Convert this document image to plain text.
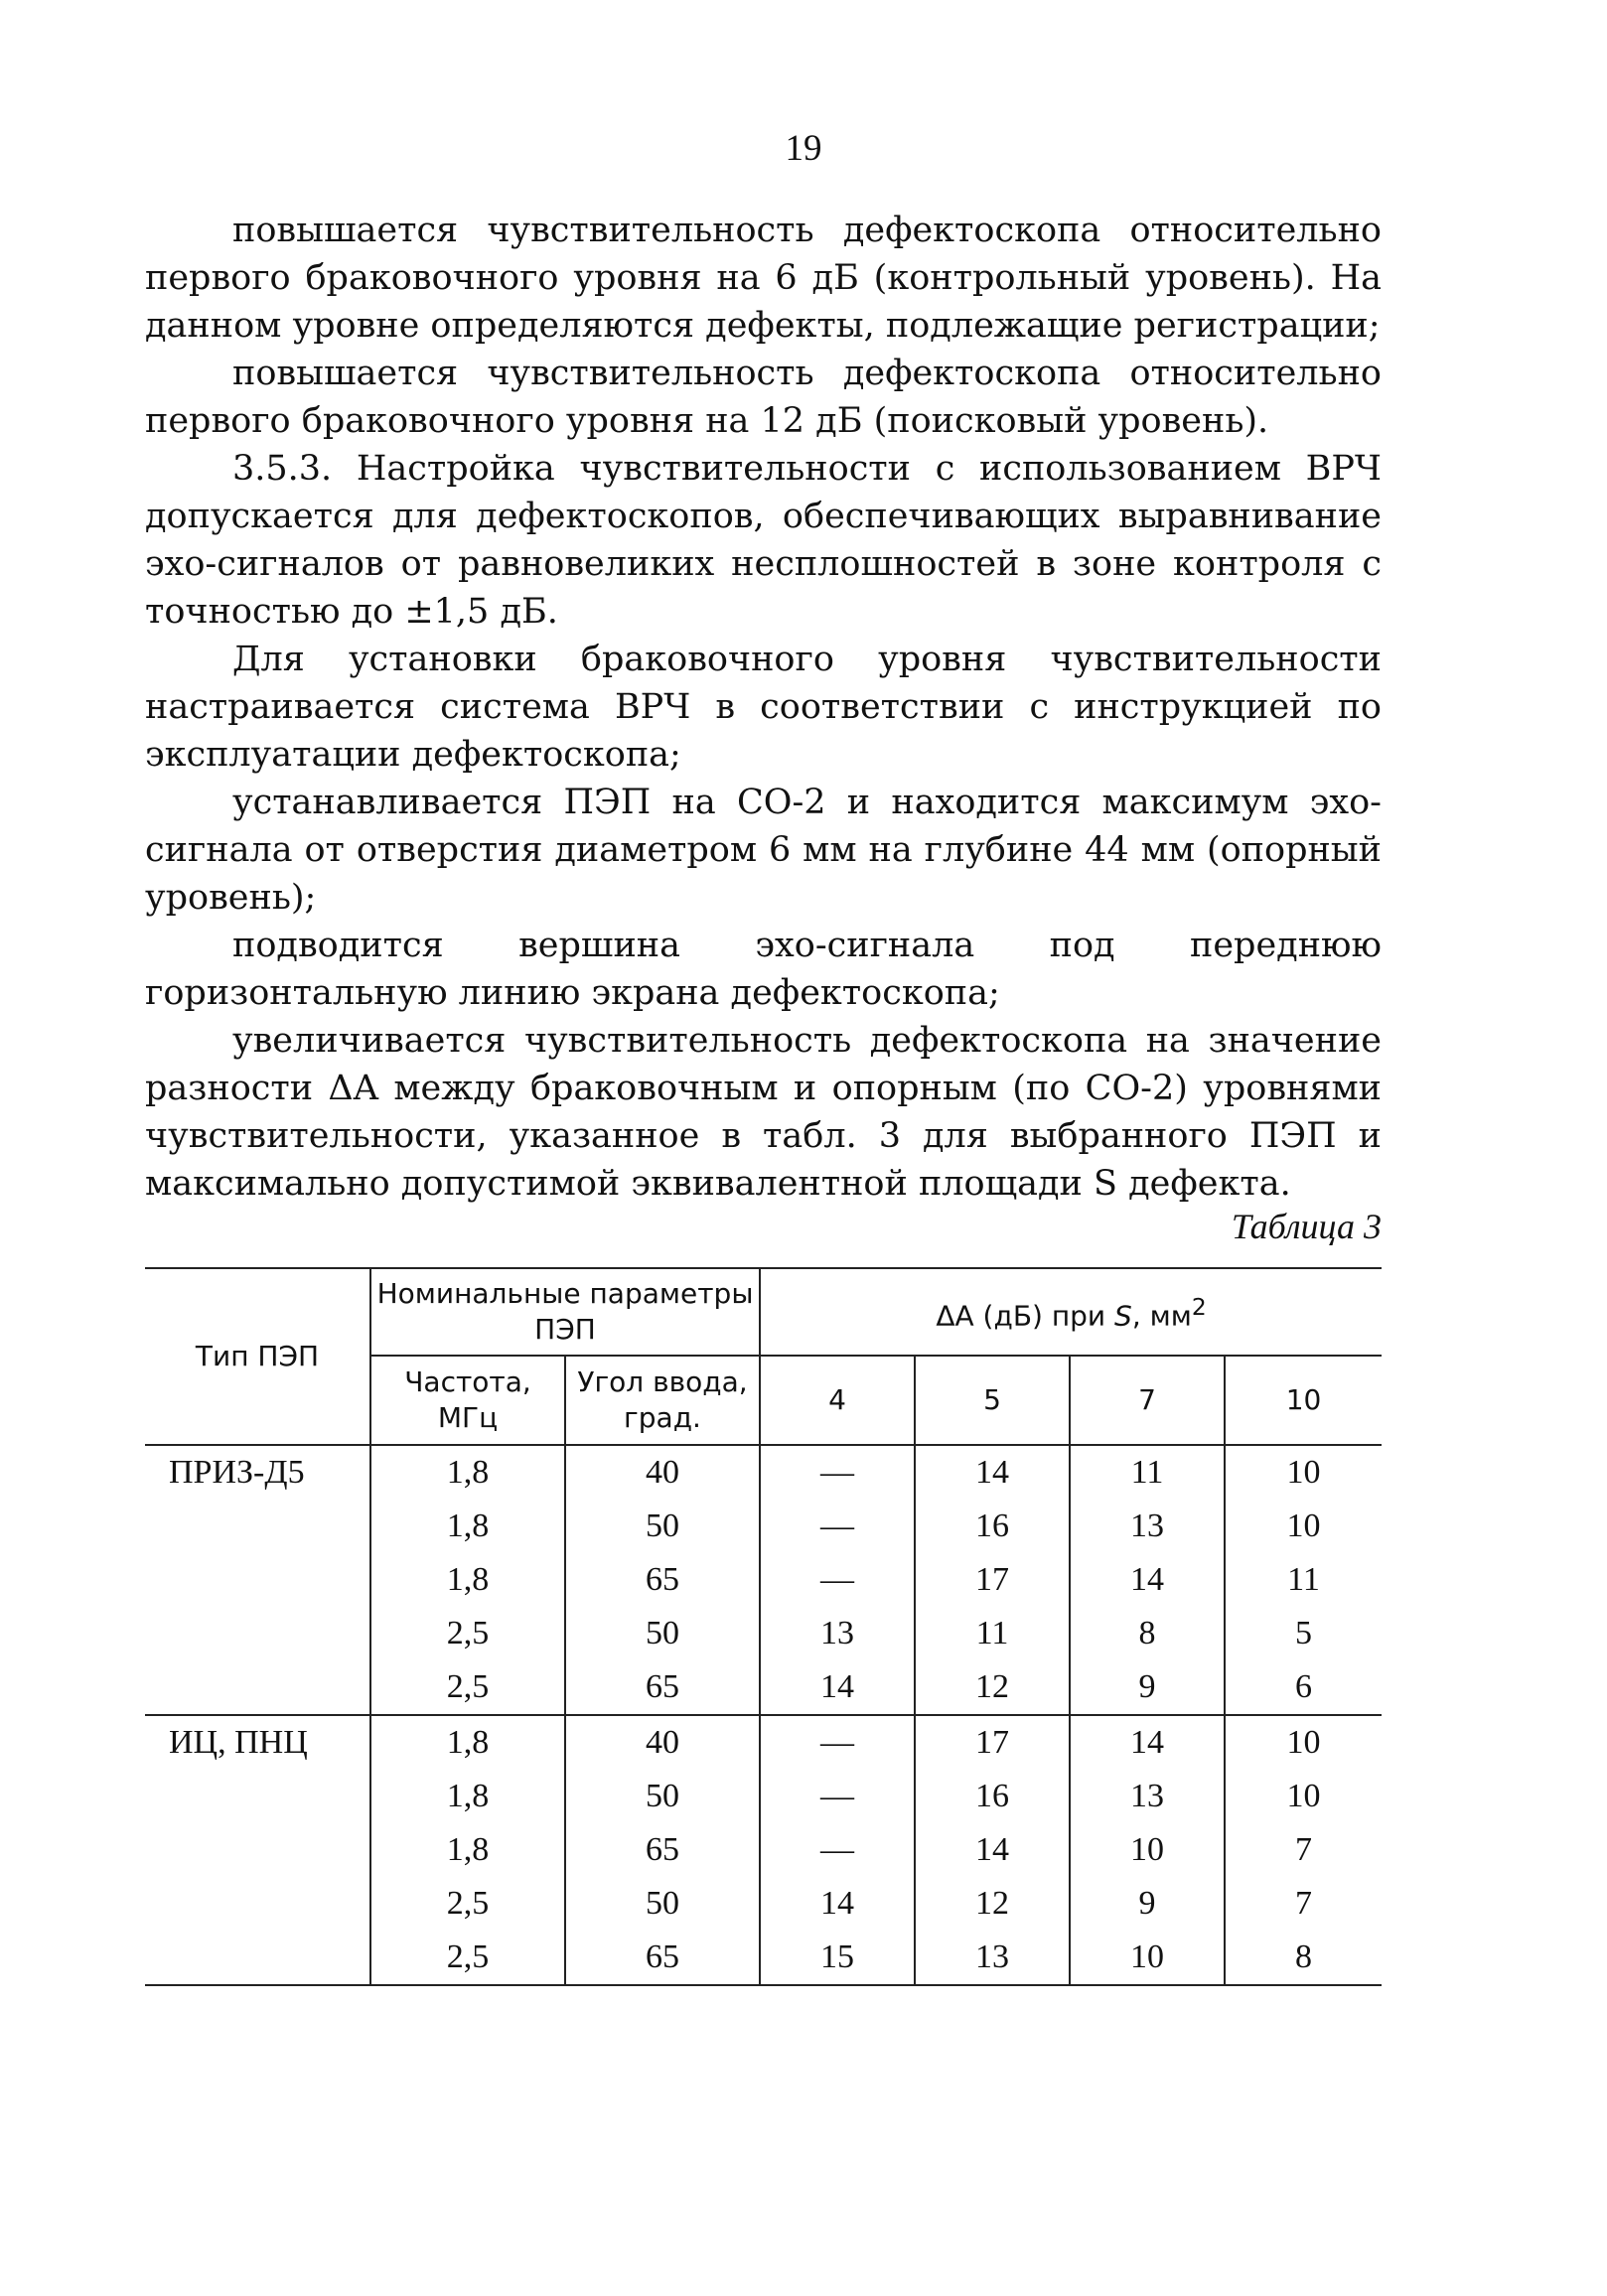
19

повышается чувствительность дефектоскопа относительно первого браковочного уровня на 6 дБ (контрольный уровень). На данном уровне определяются дефекты, подлежащие регистрации;

повышается чувствительность дефектоскопа относительно первого браковочного уровня на 12 дБ (поисковый уровень).

3.5.3. Настройка чувствительности с использованием ВРЧ допускается для дефектоскопов, обеспечивающих выравнивание эхо-сигналов от равновеликих несплошностей в зоне контроля с точностью до ±1,5 дБ.

Для установки браковочного уровня чувствительности настраивается система ВРЧ в соответствии с инструкцией по эксплуатации дефектоскопа;

устанавливается ПЭП на СО-2 и находится максимум эхо-сигнала от отверстия диаметром 6 мм на глубине 44 мм (опорный уровень);

подводится вершина эхо-сигнала под переднюю горизонтальную линию экрана дефектоскопа;

увеличивается чувствительность дефектоскопа на значение разности ΔA между браковочным и опорным (по СО-2) уровнями чувствительности, указанное в табл. 3 для выбранного ПЭП и максимально допустимой эквивалентной площади S дефекта.

Таблица 3
Тип ПЭП	Номинальные параметры ПЭП		ΔA (дБ) при S, $мм^2$
	Частота, МГц	Угол ввода, град.	4	5	7	10
ПРИЗ-Д5	1,8	40	—	14	11	10
	1,8	50	—	16	13	10
	1,8	65	—	17	14	11
	2,5	50	13	11	8	5
	2,5	65	14	12	9	6
ИЦ, ПНЦ	1,8	40	—	17	14	10
	1,8	50	—	16	13	10
	1,8	65	—	14	10	7
	2,5	50	14	12	9	7
	2,5	65	15	13	10	8
